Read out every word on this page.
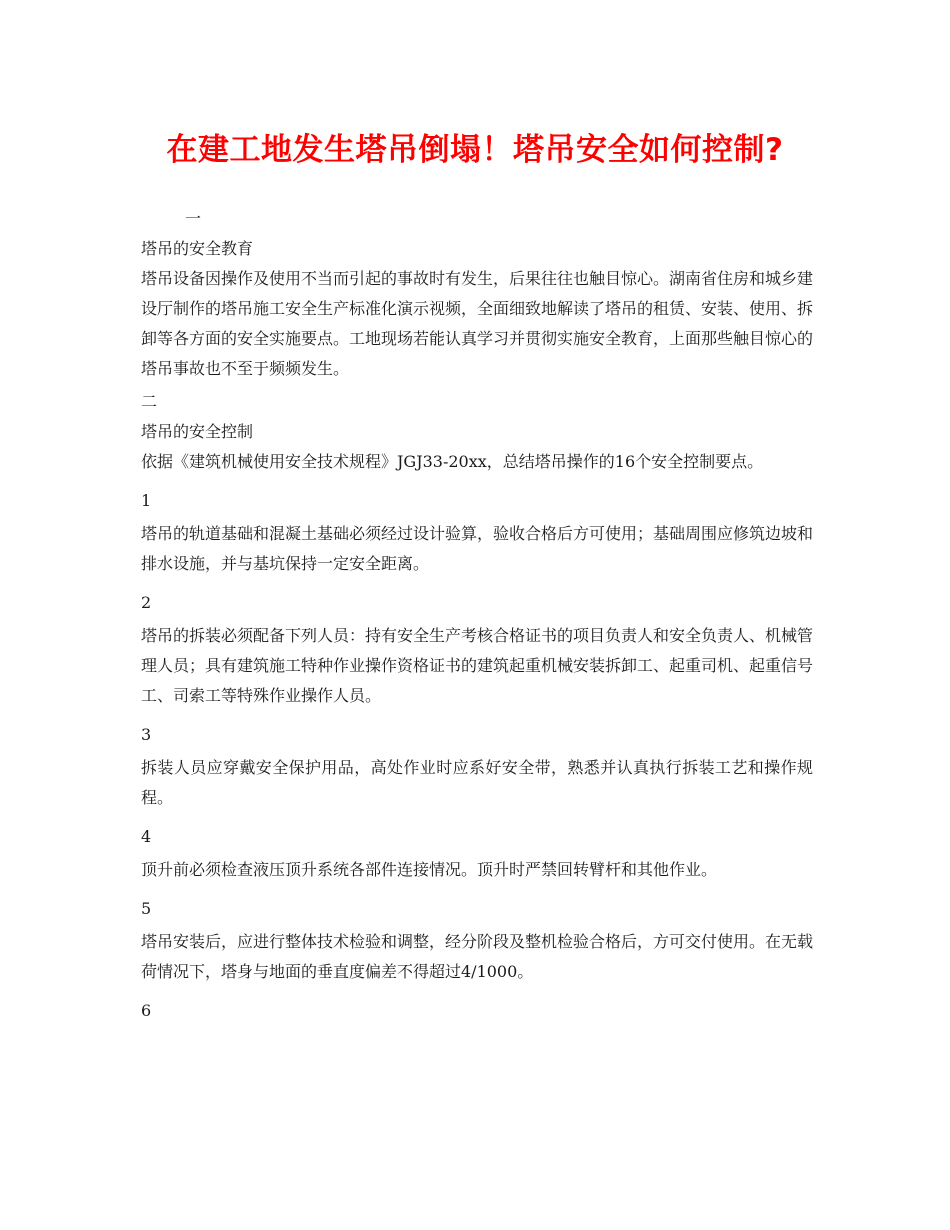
在建工地发生塔吊倒塌！塔吊安全如何控制?

一

塔吊的安全教育

塔吊设备因操作及使用不当而引起的事故时有发生，后果往往也触目惊心。湖南省住房和城乡建设厅制作的塔吊施工安全生产标准化演示视频，全面细致地解读了塔吊的租赁、安装、使用、拆卸等各方面的安全实施要点。工地现场若能认真学习并贯彻实施安全教育，上面那些触目惊心的塔吊事故也不至于频频发生。

二

塔吊的安全控制

依据《建筑机械使用安全技术规程》JGJ33-20xx，总结塔吊操作的16个安全控制要点。

1

塔吊的轨道基础和混凝土基础必须经过设计验算，验收合格后方可使用；基础周围应修筑边坡和排水设施，并与基坑保持一定安全距离。

2

塔吊的拆装必须配备下列人员：持有安全生产考核合格证书的项目负责人和安全负责人、机械管理人员；具有建筑施工特种作业操作资格证书的建筑起重机械安装拆卸工、起重司机、起重信号工、司索工等特殊作业操作人员。

3

拆装人员应穿戴安全保护用品，高处作业时应系好安全带，熟悉并认真执行拆装工艺和操作规程。

4

顶升前必须检查液压顶升系统各部件连接情况。顶升时严禁回转臂杆和其他作业。

5

塔吊安装后，应进行整体技术检验和调整，经分阶段及整机检验合格后，方可交付使用。在无载荷情况下，塔身与地面的垂直度偏差不得超过4/1000。

6
